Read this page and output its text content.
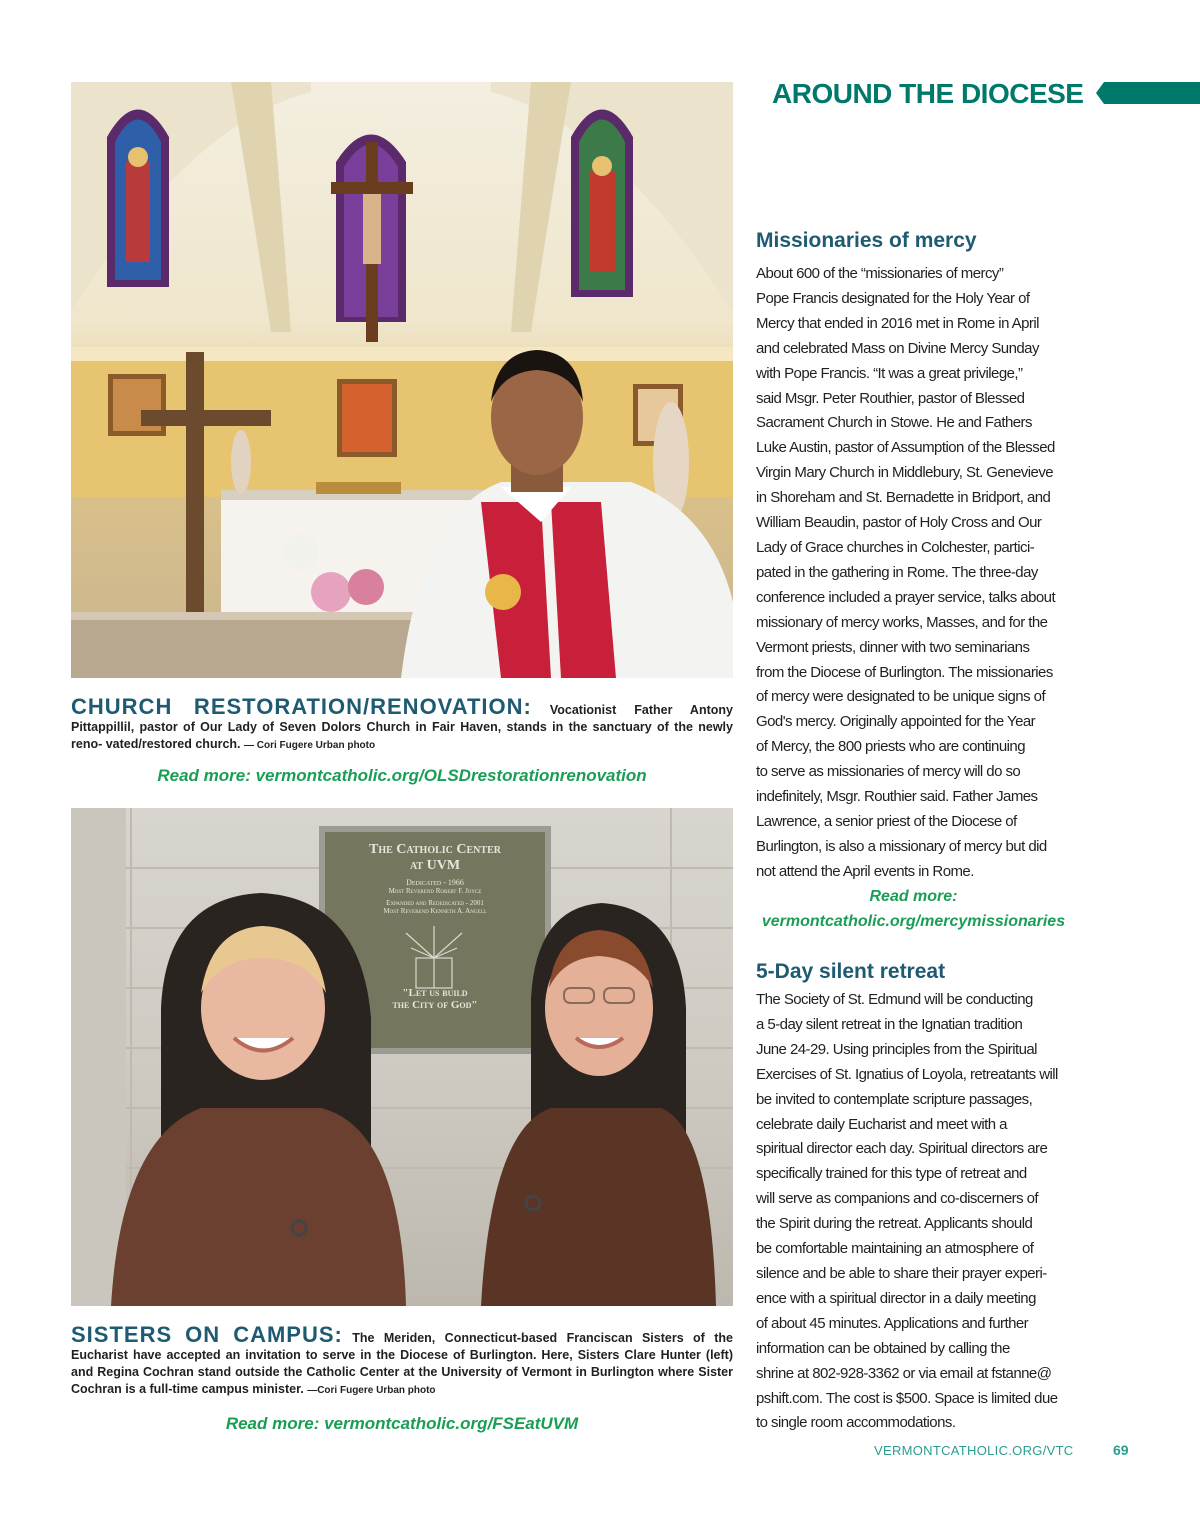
AROUND THE DIOCESE
CHURCH RESTORATION/RENOVATION: Vocationist Father Antony Pittappillil, pastor of Our Lady of Seven Dolors Church in Fair Haven, stands in the sanctuary of the newly reno- vated/restored church. — Cori Fugere Urban photo
Read more: vermontcatholic.org/OLSDrestorationrenovation
The Catholic Center
at UVM
Dedicated - 1966
Most Reverend Robert F. Joyce
Expanded and Rededicated - 2001
Most Reverend Kenneth A. Angell
"Let us build
the City of God"
SISTERS ON CAMPUS: The Meriden, Connecticut-based Franciscan Sisters of the Eucharist have accepted an invitation to serve in the Diocese of Burlington. Here, Sisters Clare Hunter (left) and Regina Cochran stand outside the Catholic Center at the University of Vermont in Burlington where Sister Cochran is a full-time campus minister. —Cori Fugere Urban photo
Read more: vermontcatholic.org/FSEatUVM
Missionaries of mercy
About 600 of the “missionaries of mercy”
Pope Francis designated for the Holy Year of
Mercy that ended in 2016 met in Rome in April
and celebrated Mass on Divine Mercy Sunday
with Pope Francis. “It was a great privilege,”
said Msgr. Peter Routhier, pastor of Blessed
Sacrament Church in Stowe. He and Fathers
Luke Austin, pastor of Assumption of the Blessed
Virgin Mary Church in Middlebury, St. Genevieve
in Shoreham and St. Bernadette in Bridport, and
William Beaudin, pastor of Holy Cross and Our
Lady of Grace churches in Colchester, partici-
pated in the gathering in Rome. The three-day
conference included a prayer service, talks about
missionary of mercy works, Masses, and for the
Vermont priests, dinner with two seminarians
from the Diocese of Burlington. The missionaries
of mercy were designated to be unique signs of
God's mercy. Originally appointed for the Year
of Mercy, the 800 priests who are continuing
to serve as missionaries of mercy will do so
indefinitely, Msgr. Routhier said. Father James
Lawrence, a senior priest of the Diocese of
Burlington, is also a missionary of mercy but did
not attend the April events in Rome.
Read more:
vermontcatholic.org/mercymissionaries
5-Day silent retreat
The Society of St. Edmund will be conducting
a 5-day silent retreat in the Ignatian tradition
June 24-29. Using principles from the Spiritual
Exercises of St. Ignatius of Loyola, retreatants will
be invited to contemplate scripture passages,
celebrate daily Eucharist and meet with a
spiritual director each day. Spiritual directors are
specifically trained for this type of retreat and
will serve as companions and co-discerners of
the Spirit during the retreat. Applicants should
be comfortable maintaining an atmosphere of
silence and be able to share their prayer experi-
ence with a spiritual director in a daily meeting
of about 45 minutes. Applications and further
information can be obtained by calling the
shrine at 802-928-3362 or via email at fstanne@
pshift.com. The cost is $500. Space is limited due
to single room accommodations.
VERMONTCATHOLIC.ORG/VTC	69
